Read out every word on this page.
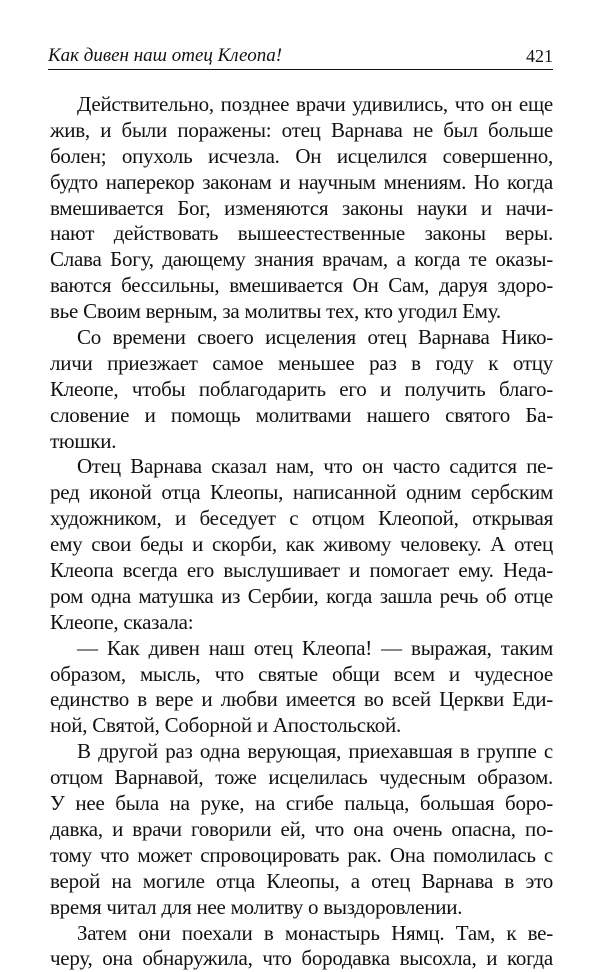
Как дивен наш отец Клеопа!	421
Действительно, позднее врачи удивились, что он еще
жив, и были поражены: отец Варнава не был больше
болен; опухоль исчезла. Он исцелился совершенно,
будто наперекор законам и научным мнениям. Но когда
вмешивается Бог, изменяются законы науки и начи-
нают действовать вышеестественные законы веры.
Слава Богу, дающему знания врачам, а когда те оказы-
ваются бессильны, вмешивается Он Сам, даруя здоро-
вье Своим верным, за молитвы тех, кто угодил Ему.
Со времени своего исцеления отец Варнава Нико-
личи приезжает самое меньшее раз в году к отцу
Клеопе, чтобы поблагодарить его и получить благо-
словение и помощь молитвами нашего святого Ба-
тюшки.
Отец Варнава сказал нам, что он часто садится пе-
ред иконой отца Клеопы, написанной одним сербским
художником, и беседует с отцом Клеопой, открывая
ему свои беды и скорби, как живому человеку. А отец
Клеопа всегда его выслушивает и помогает ему. Неда-
ром одна матушка из Сербии, когда зашла речь об отце
Клеопе, сказала:
— Как дивен наш отец Клеопа! — выражая, таким
образом, мысль, что святые общи всем и чудесное
единство в вере и любви имеется во всей Церкви Еди-
ной, Святой, Соборной и Апостольской.
В другой раз одна верующая, приехавшая в группе с
отцом Варнавой, тоже исцелилась чудесным образом.
У нее была на руке, на сгибе пальца, большая боро-
давка, и врачи говорили ей, что она очень опасна, по-
тому что может спровоцировать рак. Она помолилась с
верой на могиле отца Клеопы, а отец Варнава в это
время читал для нее молитву о выздоровлении.
Затем они поехали в монастырь Нямц. Там, к ве-
черу, она обнаружила, что бородавка высохла, и когда
